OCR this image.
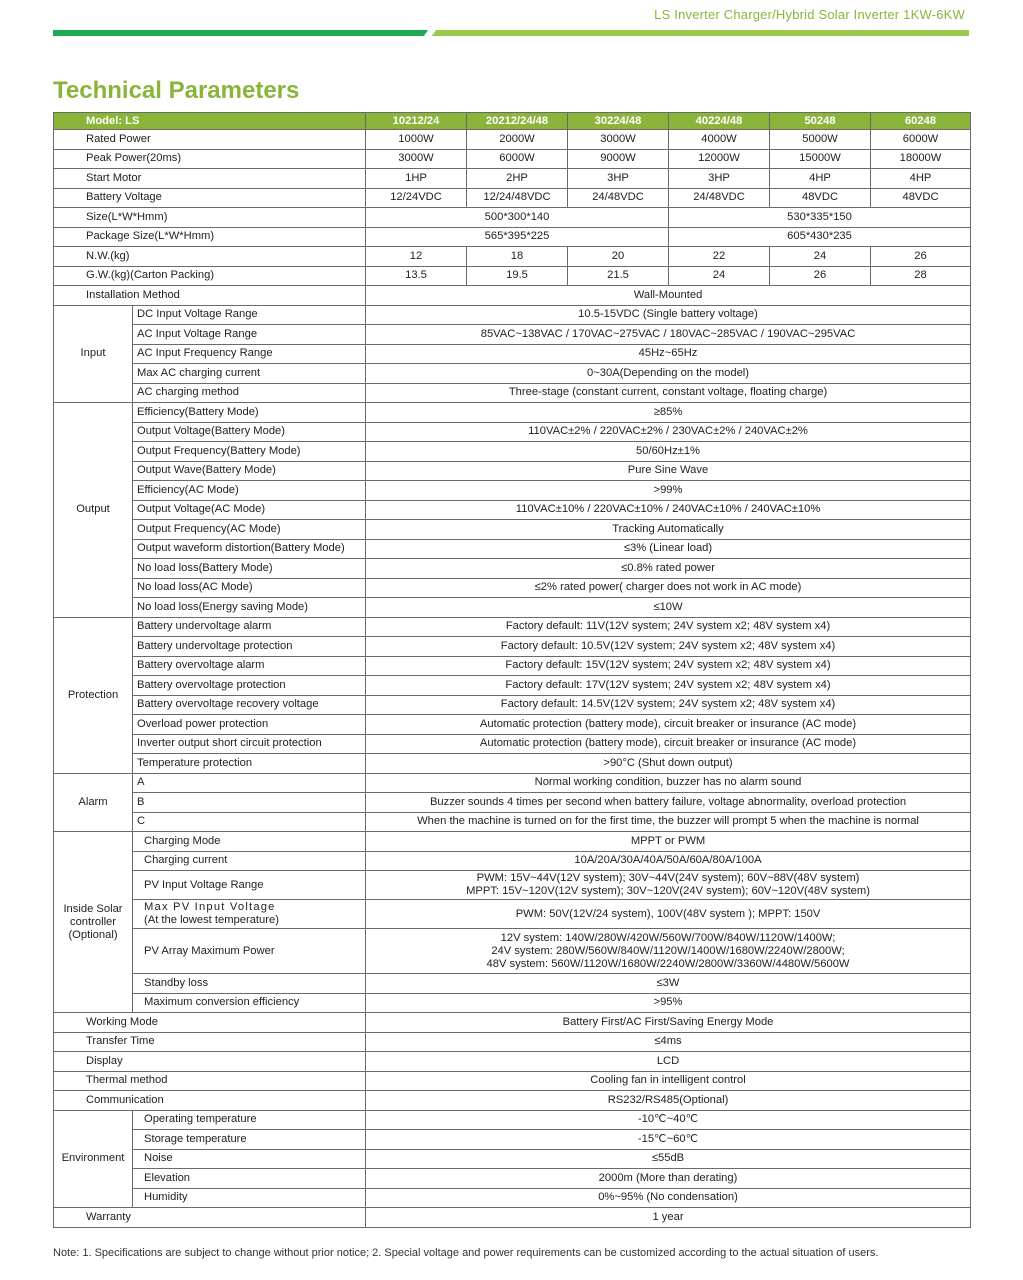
LS Inverter Charger/Hybrid Solar Inverter 1KW-6KW
Technical Parameters
Model: LS		10212/24	20212/24/48	30224/48	40224/48	50248	60248
Rated Power		1000W	2000W	3000W	4000W	5000W	6000W
Peak Power(20ms)		3000W	6000W	9000W	12000W	15000W	18000W
Start Motor		1HP	2HP	3HP	3HP	4HP	4HP
Battery Voltage		12/24VDC	12/24/48VDC	24/48VDC	24/48VDC	48VDC	48VDC
Size(L*W*Hmm)		500*300*140			530*335*150		
Package Size(L*W*Hmm)		565*395*225			605*430*235		
N.W.(kg)		12	18	20	22	24	26
G.W.(kg)(Carton Packing)		13.5	19.5	21.5	24	26	28
Installation Method		Wall-Mounted					
Input	DC Input Voltage Range	10.5-15VDC (Single battery voltage)					
	AC Input Voltage Range	85VAC~138VAC / 170VAC~275VAC / 180VAC~285VAC / 190VAC~295VAC					
	AC Input Frequency Range	45Hz~65Hz					
	Max AC charging current	0~30A(Depending on the model)					
	AC charging method	Three-stage (constant current, constant voltage, floating charge)					
Output	Efficiency(Battery Mode)	≥85%					
	Output Voltage(Battery Mode)	110VAC±2% / 220VAC±2% / 230VAC±2% / 240VAC±2%					
	Output Frequency(Battery Mode)	50/60Hz±1%					
	Output Wave(Battery Mode)	Pure Sine Wave					
	Efficiency(AC Mode)	>99%					
	Output Voltage(AC Mode)	110VAC±10% / 220VAC±10% / 240VAC±10% / 240VAC±10%					
	Output Frequency(AC Mode)	Tracking Automatically					
	Output waveform distortion(Battery Mode)	≤3% (Linear load)					
	No load loss(Battery Mode)	≤0.8% rated power					
	No load loss(AC Mode)	≤2% rated power( charger does not work in AC mode)					
	No load loss(Energy saving Mode)	≤10W					
Protection	Battery undervoltage alarm	Factory default: 11V(12V system; 24V system x2; 48V system x4)					
	Battery undervoltage protection	Factory default: 10.5V(12V system; 24V system x2; 48V system x4)					
	Battery overvoltage alarm	Factory default: 15V(12V system; 24V system x2; 48V system x4)					
	Battery overvoltage protection	Factory default: 17V(12V system; 24V system x2; 48V system x4)					
	Battery overvoltage recovery voltage	Factory default: 14.5V(12V system; 24V system x2; 48V system x4)					
	Overload power protection	Automatic protection (battery mode), circuit breaker or insurance (AC mode)					
	Inverter output short circuit protection	Automatic protection (battery mode), circuit breaker or insurance (AC mode)					
	Temperature protection	>90°C (Shut down output)					
Alarm	A	Normal working condition, buzzer has no alarm sound					
	B	Buzzer sounds 4 times per second when battery failure, voltage abnormality, overload protection					
	C	When the machine is turned on for the first time, the buzzer will prompt 5 when the machine is normal					

Inside Solar
controller
(Optional)	Charging Mode	MPPT or PWM					
	Charging current	10A/20A/30A/40A/50A/60A/80A/100A					
	PV Input Voltage Range	PWM: 15V~44V(12V system); 30V~44V(24V system); 60V~88V(48V system)
MPPT: 15V~120V(12V system); 30V~120V(24V system); 60V~120V(48V system)					

	Max PV Input Voltage
(At the lowest temperature)	PWM: 50V(12V/24 system), 100V(48V system ); MPPT: 150V					
	PV Array Maximum Power	12V system: 140W/280W/420W/560W/700W/840W/1120W/1400W;
24V system: 280W/560W/840W/1120W/1400W/1680W/2240W/2800W;
48V system: 560W/1120W/1680W/2240W/2800W/3360W/4480W/5600W					

	Standby loss	≤3W					
	Maximum conversion efficiency	>95%					
Working Mode		Battery First/AC First/Saving Energy Mode					
Transfer Time		≤4ms					
Display		LCD					
Thermal method		Cooling fan in intelligent control					
Communication		RS232/RS485(Optional)					
Environment	Operating temperature	-10℃~40℃					
	Storage temperature	-15℃~60℃					
	Noise	≤55dB					
	Elevation	2000m (More than derating)					
	Humidity	0%~95% (No condensation)					
Warranty		1 year					
Note: 1. Specifications are subject to change without prior notice; 2. Special voltage and power requirements can be customized according to the actual situation of users.
